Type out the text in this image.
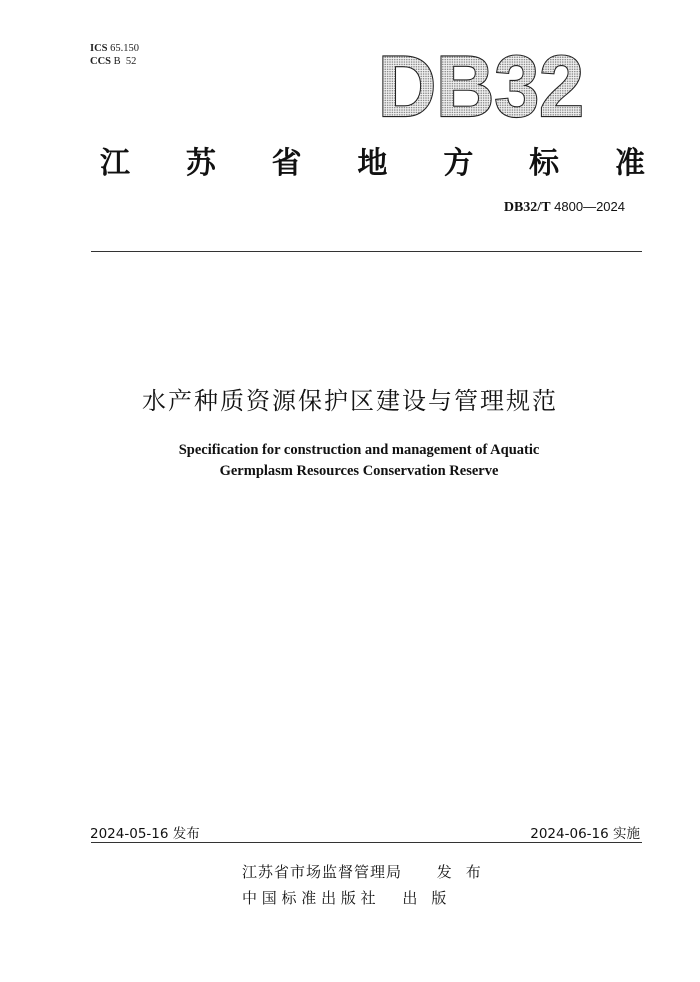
ICS 65.150
CCS B  52	DB32
江 苏 省 地 方 标 准
DB32/T 4800—2024
水产种质资源保护区建设与管理规范
Specification for construction and management of Aquatic
Germplasm Resources Conservation Reserve
2024-05-16 发布	2024-06-16 实施
江苏省市场监督管理局 发布
中 国 标 准 出 版 社 出版
